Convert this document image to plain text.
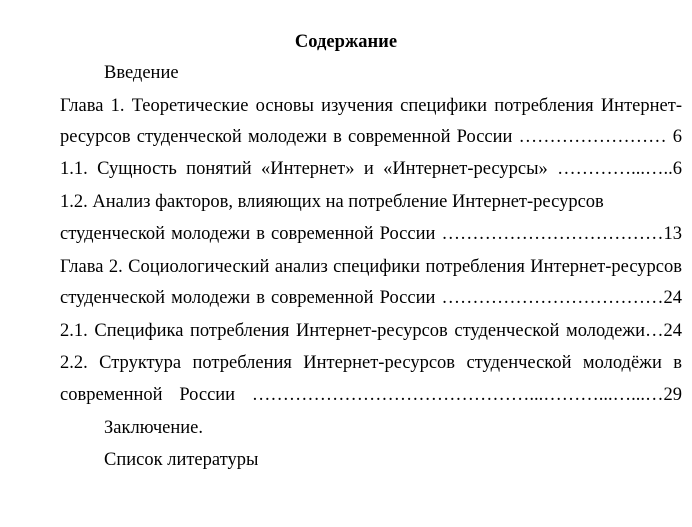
Содержание
Введение
Глава 1. Теоретические основы изучения специфики потребления Интернет-
ресурсов студенческой молодежи в современной России …………………… 6
1.1. Сущность понятий «Интернет» и «Интернет-ресурсы» …………...…..6
1.2. Анализ факторов, влияющих на потребление Интернет-ресурсов
студенческой молодежи в современной России ………………………………13
Глава 2. Социологический анализ специфики потребления Интернет-ресурсов
студенческой молодежи в современной России ………………………………24
2.1. Специфика потребления Интернет-ресурсов студенческой молодежи…24
2.2. Структура потребления Интернет-ресурсов студенческой молодёжи в
современной России ………………………………………...………...…...…29
Заключение.
Список литературы
